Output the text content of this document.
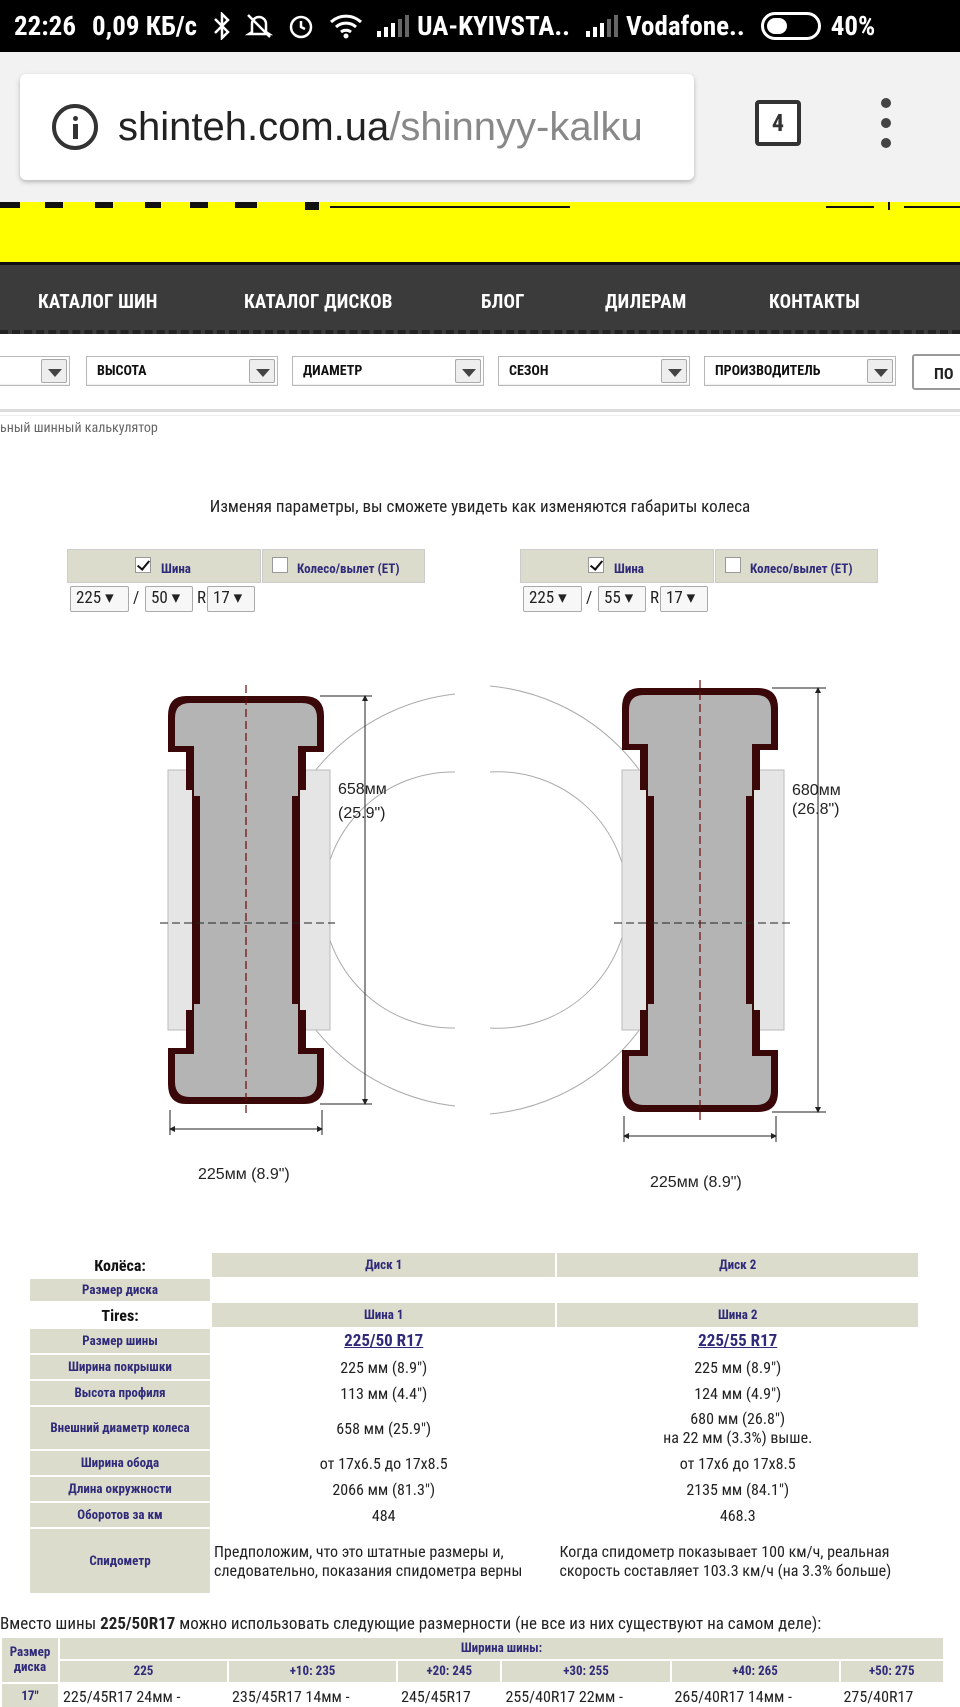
22:26 0,09 КБ/с	UA-KYIVSTA.. Vodafone..	40%
shinteh.com.ua/shinnyy-kalku	4
КАТАЛОГ ШИН	КАТАЛОГ ДИСКОВ	БЛОГ	ДИЛЕРАМ	КОНТАКТЫ
ВЫСОТА	ДИАМЕТР	СЕЗОН	ПРОИЗВОДИТЕЛЬ	ПО
ьный шинный калькулятор
Изменяя параметры, вы сможете увидеть как изменяются габариты колеса
Шина	Колесо/вылет (ET)
225 ▾	/ 50 ▾ R 17 ▾
Шина	Колесо/вылет (ET)
225 ▾	/ 55 ▾ R 17 ▾
658мм
(25.9")
225мм (8.9")
680мм
(26.8")
225мм (8.9")
Колёса:	Диск 1	Диск 2
Размер диска		
Tires:	Шина 1	Шина 2
Размер шины	225/50 R17	225/55 R17
Ширина покрышки	225 мм (8.9")	225 мм (8.9")
Высота профиля	113 мм (4.4")	124 мм (4.9")
Внешний диаметр колеса	658 мм (25.9")	680 мм (26.8")
на 22 мм (3.3%) выше.

Ширина обода	от 17х6.5 до 17х8.5	от 17х6 до 17х8.5
Длина окружности	2066 мм (81.3")	2135 мм (84.1")
Оборотов за км	484	468.3
Спидометр	Предположим, что это штатные размеры и, следовательно, показания спидометра верны	Когда спидометр показывает 100 км/ч, реальная скорость составляет 103.3 км/ч (на 3.3% больше)
Вместо шины 225/50R17 можно использовать следующие размерности (не все из них существуют на самом деле):
Размер диска	Ширина шины:					
	225	+10: 235	+20: 245	+30: 255	+40: 265	+50: 275
17"	225/45R17 24мм -	235/45R17 14мм -	245/45R17	255/40R17 22мм -	265/40R17 14мм -	275/40R17
